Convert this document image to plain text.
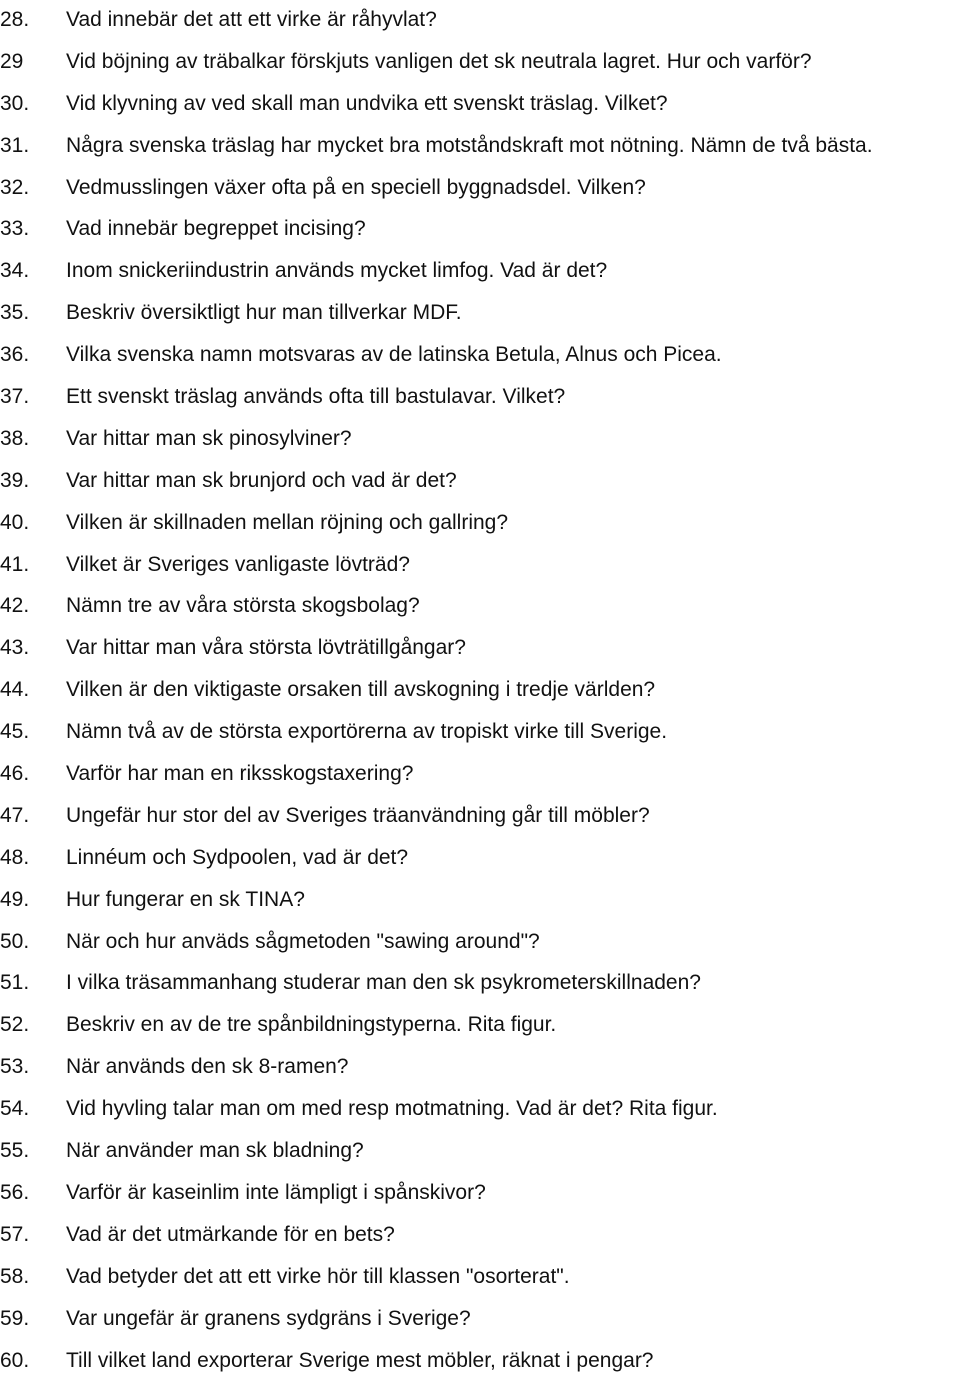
28.	Vad innebär det att ett virke är råhyvlat?
29	Vid böjning av träbalkar förskjuts vanligen det sk neutrala lagret. Hur och varför?
30.	Vid klyvning av ved skall man undvika ett svenskt träslag. Vilket?
31.	Några svenska träslag har mycket bra motståndskraft mot nötning. Nämn de två bästa.
32.	Vedmusslingen växer ofta på en speciell byggnadsdel. Vilken?
33.	Vad innebär begreppet incising?
34.	Inom snickeriindustrin används mycket limfog. Vad är det?
35.	Beskriv översiktligt hur man tillverkar MDF.
36.	Vilka svenska namn motsvaras av de latinska Betula, Alnus och Picea.
37.	Ett svenskt träslag används ofta till bastulavar. Vilket?
38.	Var hittar man sk pinosylviner?
39.	Var hittar man sk brunjord och vad är det?
40.	Vilken är skillnaden mellan röjning och gallring?
41.	Vilket är Sveriges vanligaste lövträd?
42.	Nämn tre av våra största skogsbolag?
43.	Var hittar man våra största lövträtillgångar?
44.	Vilken är den viktigaste orsaken till avskogning i tredje världen?
45.	Nämn två av de största exportörerna av tropiskt virke till Sverige.
46.	Varför har man en riksskogstaxering?
47.	Ungefär hur stor del av Sveriges träanvändning går till möbler?
48.	Linnéum och Sydpoolen, vad är det?
49.	Hur fungerar en sk TINA?
50.	När och hur anväds sågmetoden "sawing around"?
51.	I vilka träsammanhang studerar man den sk psykrometerskillnaden?
52.	Beskriv en av de tre spånbildningstyperna. Rita figur.
53.	När används den sk 8-ramen?
54.	Vid hyvling talar man om med resp motmatning. Vad är det? Rita figur.
55.	När använder man sk bladning?
56.	Varför är kaseinlim inte lämpligt i spånskivor?
57.	Vad är det utmärkande för en bets?
58.	Vad betyder det att ett virke hör till klassen "osorterat".
59.	Var ungefär är granens sydgräns i Sverige?
60.	Till vilket land exporterar Sverige mest möbler, räknat i pengar?
